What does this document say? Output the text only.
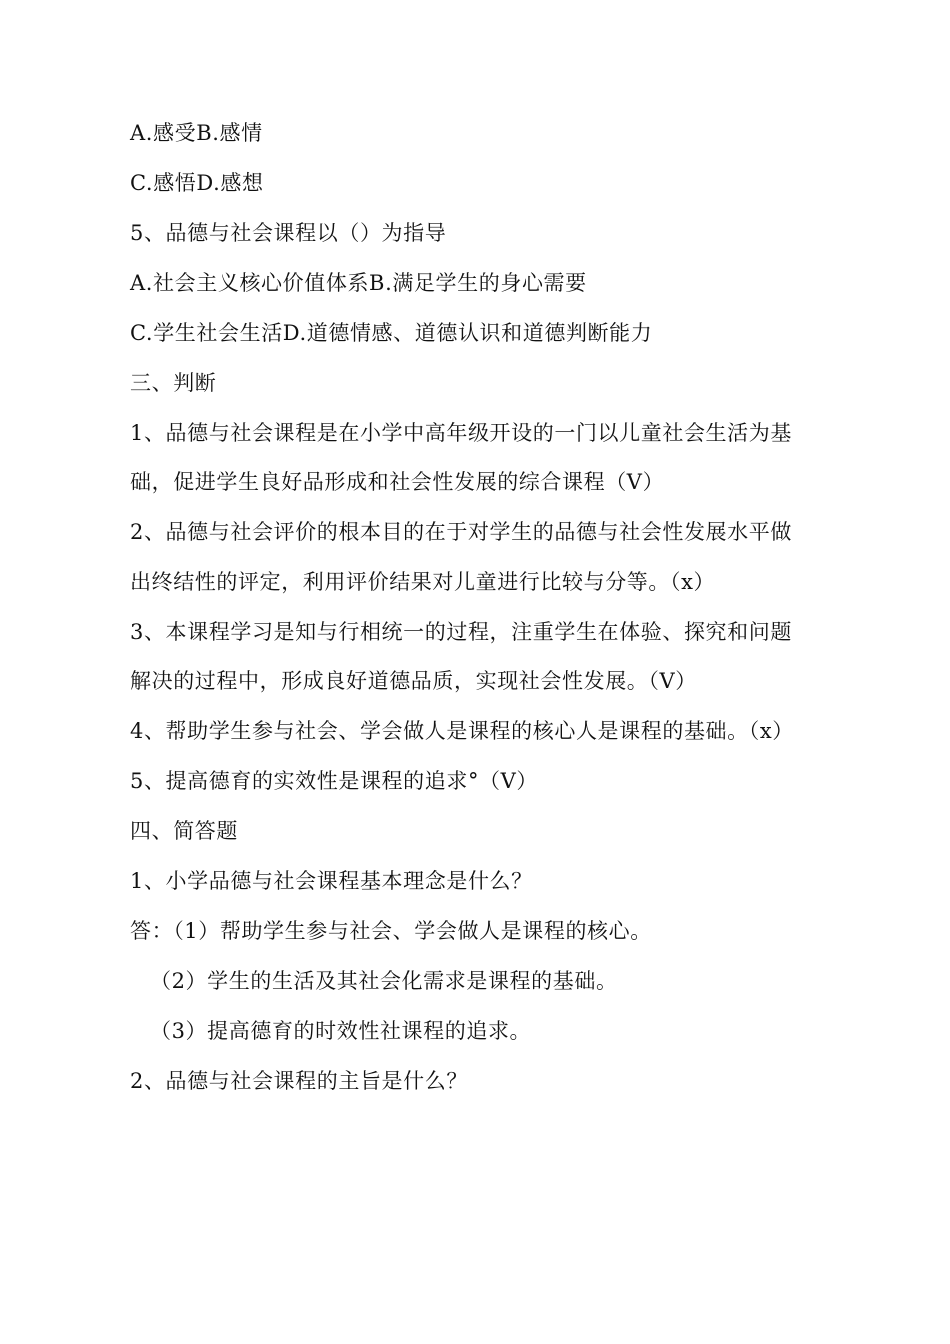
A.感受B.感情
C.感悟D.感想
5、品德与社会课程以（）为指导
A.社会主义核心价值体系B.满足学生的身心需要
C.学生社会生活D.道德情感、道德认识和道德判断能力
三、判断
1、品德与社会课程是在小学中高年级开设的一门以儿童社会生活为基
础，促进学生良好品形成和社会性发展的综合课程（V）
2、品德与社会评价的根本目的在于对学生的品德与社会性发展水平做
出终结性的评定，利用评价结果对儿童进行比较与分等。（x）
3、本课程学习是知与行相统一的过程，注重学生在体验、探究和问题
解决的过程中，形成良好道德品质，实现社会性发展。（V）
4、帮助学生参与社会、学会做人是课程的核心人是课程的基础。（x）
5、提高德育的实效性是课程的追求°（V）
四、简答题
1、小学品德与社会课程基本理念是什么？
答：（1）帮助学生参与社会、学会做人是课程的核心。
（2）学生的生活及其社会化需求是课程的基础。
（3）提高德育的时效性社课程的追求。
2、品德与社会课程的主旨是什么？
